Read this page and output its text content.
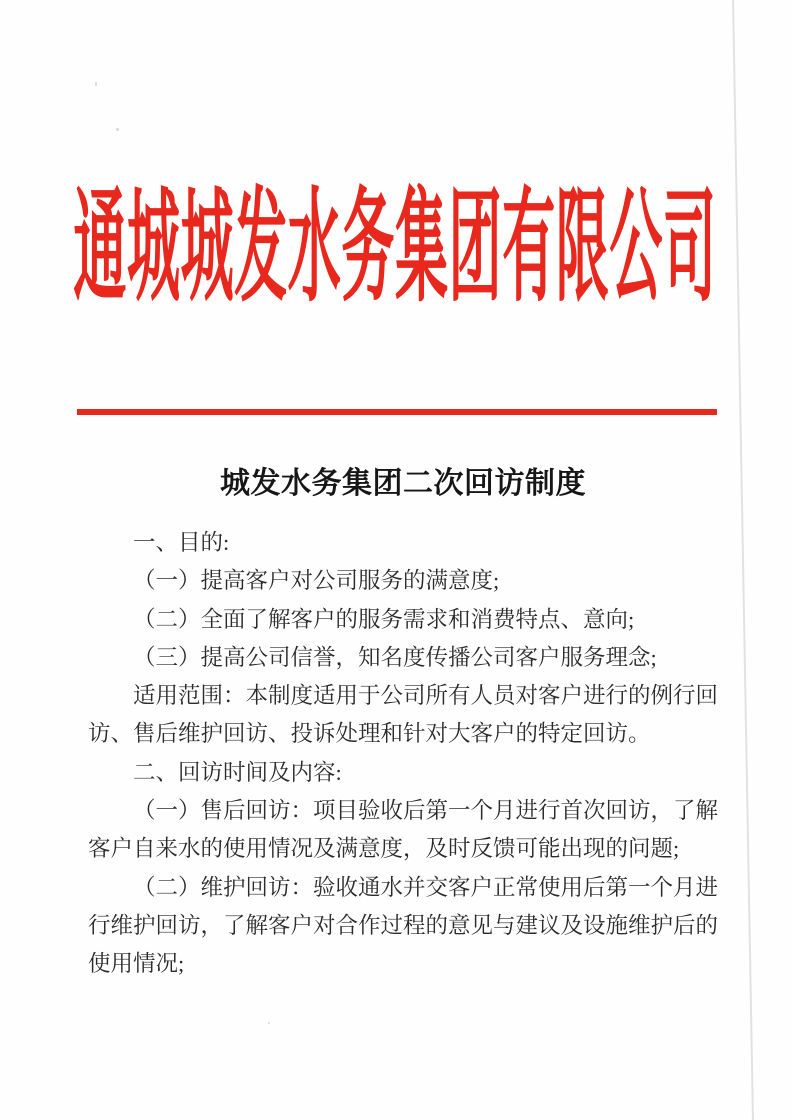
通城城发水务集团有限公司
城发水务集团二次回访制度
一、目的:
（一）提高客户对公司服务的满意度;
（二）全面了解客户的服务需求和消费特点、意向;
（三）提高公司信誉，知名度传播公司客户服务理念;
适用范围：本制度适用于公司所有人员对客户进行的例行回
访、售后维护回访、投诉处理和针对大客户的特定回访。
二、回访时间及内容:
（一）售后回访：项目验收后第一个月进行首次回访，了解
客户自来水的使用情况及满意度，及时反馈可能出现的问题;
（二）维护回访：验收通水并交客户正常使用后第一个月进
行维护回访，了解客户对合作过程的意见与建议及设施维护后的
使用情况;
